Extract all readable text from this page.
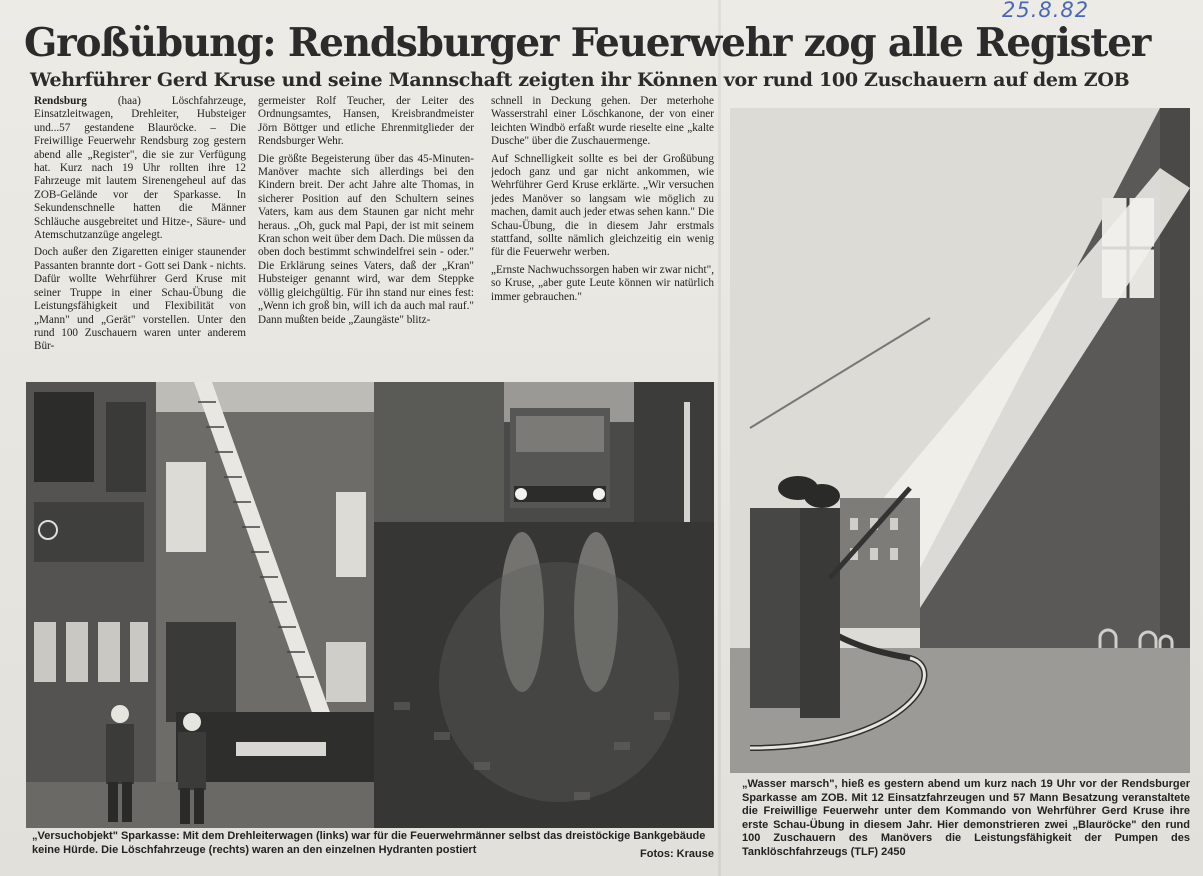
25.8.82
Großübung: Rendsburger Feuerwehr zog alle Register
Wehrführer Gerd Kruse und seine Mannschaft zeigten ihr Können vor rund 100 Zuschauern auf dem ZOB

Rendsburg (haa) Löschfahrzeuge, Einsatzleitwagen, Drehleiter, Hubsteiger und...57 gestandene Blauröcke. – Die Freiwillige Feuerwehr Rendsburg zog gestern abend alle „Register", die sie zur Verfügung hat. Kurz nach 19 Uhr rollten ihre 12 Fahrzeuge mit lautem Sirenengeheul auf das ZOB-Gelände vor der Sparkasse. In Sekundenschnelle hatten die Männer Schläuche ausgebreitet und Hitze-, Säure- und Atemschutzanzüge angelegt.

Doch außer den Zigaretten einiger staunender Passanten brannte dort - Gott sei Dank - nichts. Dafür wollte Wehrführer Gerd Kruse mit seiner Truppe in einer Schau-Übung die Leistungsfähigkeit und Flexibilität von „Mann" und „Gerät" vorstellen. Unter den rund 100 Zuschauern waren unter anderem Bür-

germeister Rolf Teucher, der Leiter des Ordnungsamtes, Hansen, Kreisbrandmeister Jörn Böttger und etliche Ehrenmitglieder der Rendsburger Wehr.

Die größte Begeisterung über das 45-Minuten-Manöver machte sich allerdings bei den Kindern breit. Der acht Jahre alte Thomas, in sicherer Position auf den Schultern seines Vaters, kam aus dem Staunen gar nicht mehr heraus. „Oh, guck mal Papi, der ist mit seinem Kran schon weit über dem Dach. Die müssen da oben doch bestimmt schwindelfrei sein - oder." Die Erklärung seines Vaters, daß der „Kran" Hubsteiger genannt wird, war dem Steppke völlig gleichgültig. Für ihn stand nur eines fest: „Wenn ich groß bin, will ich da auch mal rauf." Dann mußten beide „Zaungäste" blitz-

schnell in Deckung gehen. Der meterhohe Wasserstrahl einer Löschkanone, der von einer leichten Windbö erfaßt wurde rieselte eine „kalte Dusche" über die Zuschauermenge.

Auf Schnelligkeit sollte es bei der Großübung jedoch ganz und gar nicht ankommen, wie Wehrführer Gerd Kruse erklärte. „Wir versuchen jedes Manöver so langsam wie möglich zu machen, damit auch jeder etwas sehen kann." Die Schau-Übung, die in diesem Jahr erstmals stattfand, sollte nämlich gleichzeitig ein wenig für die Feuerwehr werben.

„Ernste Nachwuchssorgen haben wir zwar nicht", so Kruse, „aber gute Leute können wir natürlich immer gebrauchen."

„Versuchobjekt" Sparkasse: Mit dem Drehleiterwagen (links) war für die Feuerwehrmänner selbst das dreistöckige Bankgebäude keine Hürde. Die Löschfahrzeuge (rechts) waren an den einzelnen Hydranten postiert	Fotos: Krause
„Wasser marsch", hieß es gestern abend um kurz nach 19 Uhr vor der Rendsburger Sparkasse am ZOB. Mit 12 Einsatzfahrzeugen und 57 Mann Besatzung veranstaltete die Freiwillige Feuerwehr unter dem Kommando von Wehrführer Gerd Kruse ihre erste Schau-Übung in diesem Jahr. Hier demonstrieren zwei „Blauröcke" den rund 100 Zuschauern des Manövers die Leistungsfähigkeit der Pumpen des Tanklöschfahrzeugs (TLF) 2450
